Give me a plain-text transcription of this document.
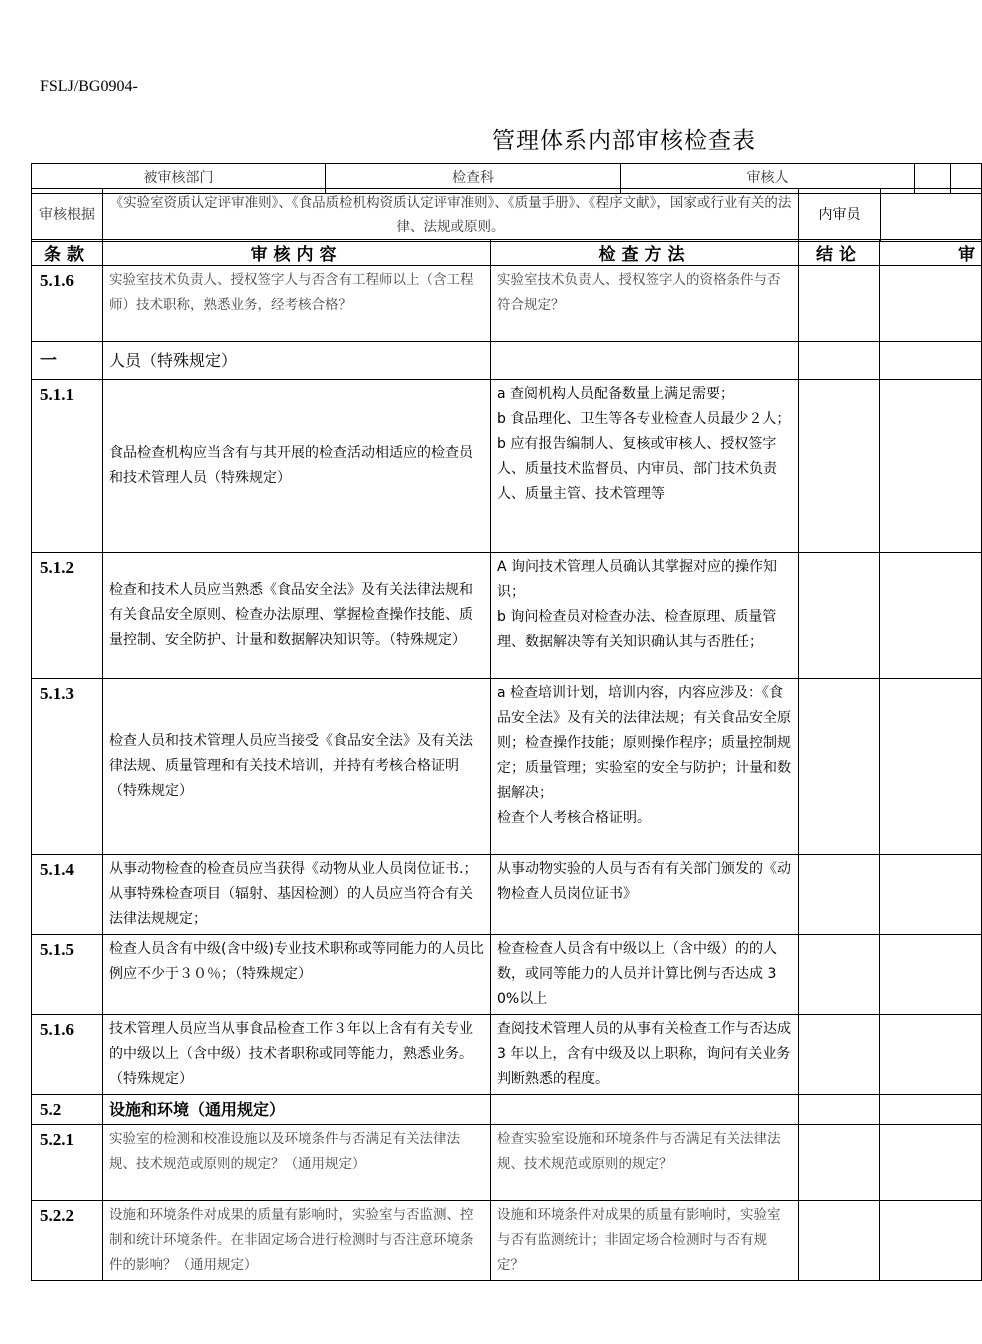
FSLJ/BG0904-
管理体系内部审核检查表
被审核部门	检查科	审核人		
审核根据	《实验室资质认定评审准则》、《食品质检机构资质认定评审准则》、《质量手册》、《程序文献》，国家或行业有关的法律、法规或原则。	内审员	
条款	审核内容	检查方法	结论	审
5.1.6	实验室技术负责人、授权签字人与否含有工程师以上（含工程师）技术职称，熟悉业务，经考核合格？	实验室技术负责人、授权签字人的资格条件与否符合规定？		
一	人员（特殊规定）			
5.1.1	食品检查机构应当含有与其开展的检查活动相适应的检查员和技术管理人员（特殊规定）	a 查阅机构人员配备数量上满足需要；
b 食品理化、卫生等各专业检查人员最少２人；
b 应有报告编制人、复核或审核人、授权签字人、质量技术监督员、内审员、部门技术负责人、质量主管、技术管理等		
5.1.2	检查和技术人员应当熟悉《食品安全法》及有关法律法规和有关食品安全原则、检查办法原理、掌握检查操作技能、质量控制、安全防护、计量和数据解决知识等。（特殊规定）	A 询问技术管理人员确认其掌握对应的操作知识；
b 询问检查员对检查办法、检查原理、质量管理、数据解决等有关知识确认其与否胜任；		
5.1.3	检查人员和技术管理人员应当接受《食品安全法》及有关法律法规、质量管理和有关技术培训，并持有考核合格证明（特殊规定）	a 检查培训计划，培训内容，内容应涉及：《食品安全法》及有关的法律法规；有关食品安全原则；检查操作技能；原则操作程序；质量控制规定；质量管理；实验室的安全与防护；计量和数据解决；
检查个人考核合格证明。		
5.1.4	从事动物检查的检查员应当获得《动物从业人员岗位证书.；从事特殊检查项目（辐射、基因检测）的人员应当符合有关法律法规规定；	从事动物实验的人员与否有有关部门颁发的《动物检查人员岗位证书》		
5.1.5	检查人员含有中级(含中级)专业技术职称或等同能力的人员比例应不少于３０％；（特殊规定）	检查检查人员含有中级以上（含中级）的的人数，或同等能力的人员并计算比例与否达成 30%以上		
5.1.6	技术管理人员应当从事食品检查工作３年以上含有有关专业的中级以上（含中级）技术者职称或同等能力，熟悉业务。（特殊规定）	查阅技术管理人员的从事有关检查工作与否达成 3 年以上，含有中级及以上职称，询问有关业务判断熟悉的程度。		
5.2	设施和环境（通用规定）			
5.2.1	实验室的检测和校准设施以及环境条件与否满足有关法律法规、技术规范或原则的规定？（通用规定）	检查实验室设施和环境条件与否满足有关法律法规、技术规范或原则的规定？		
5.2.2	设施和环境条件对成果的质量有影响时，实验室与否监测、控制和统计环境条件。在非固定场合进行检测时与否注意环境条件的影响？（通用规定）	设施和环境条件对成果的质量有影响时，实验室与否有监测统计；非固定场合检测时与否有规定？		
